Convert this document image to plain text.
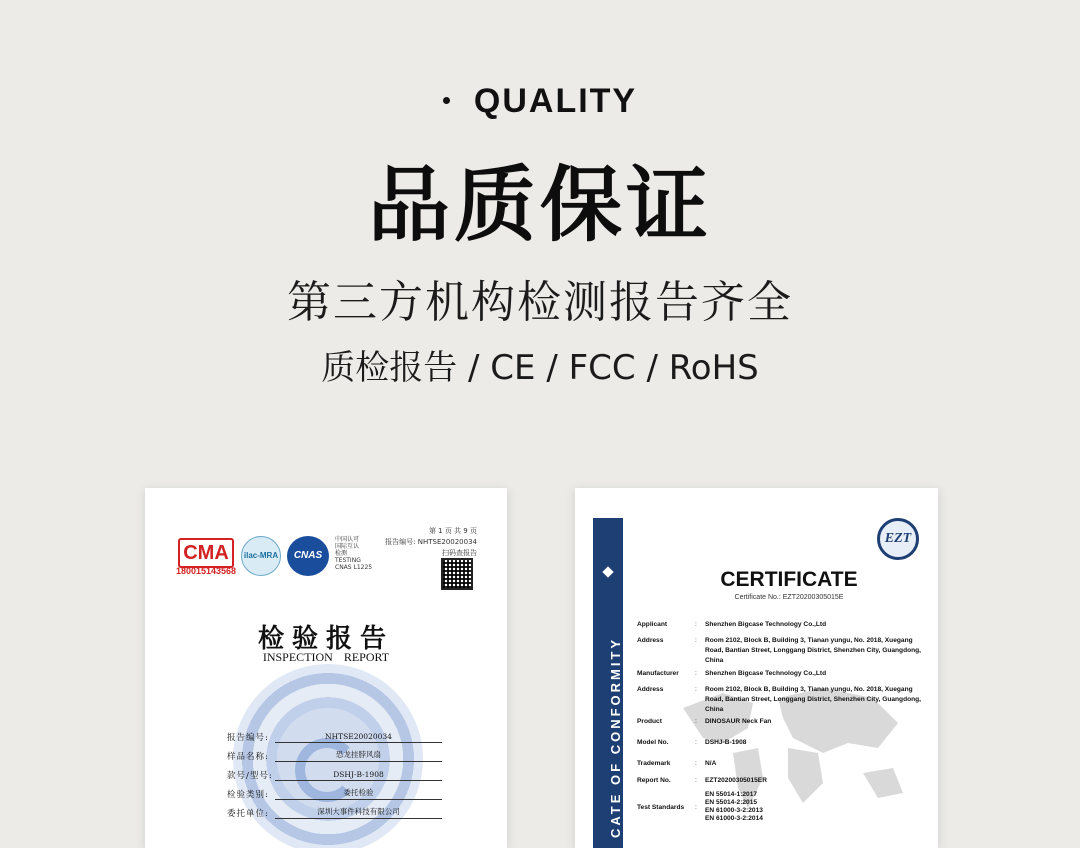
QUALITY
品质保证
第三方机构检测报告齐全
质检报告 / CE / FCC / RoHS
CMA
180015143568
ilac-MRA	CNAS
中国认可
国际互认
检测
TESTING
CNAS L1225
第 1 页 共 9 页
报告编号: NHTSE20020034
扫码查报告
检验报告
INSPECTION REPORT
报告编号:	NHTSE20020034
样品名称:	恐龙挂脖风扇
款号/型号:	DSHJ-B-1908
检验类别:	委托检验
委托单位:	深圳大事件科技有限公司	CATE OF CONFORMITY
EZT
CERTIFICATE
Certificate No.: EZT20200305015E
Applicant	:	Shenzhen Bigcase Technology Co.,Ltd
Address	:	Room 2102, Block B, Building 3, Tianan yungu, No. 2018, Xuegang Road, Bantian Street, Longgang District, Shenzhen City, Guangdong, China
Manufacturer	:	Shenzhen Bigcase Technology Co.,Ltd
Address	:	Room 2102, Block B, Building 3, Tianan yungu, No. 2018, Xuegang Road, Bantian Street, Longgang District, Shenzhen City, Guangdong, China
Product	:	DINOSAUR Neck Fan
Model No.	:	DSHJ-B-1908
Trademark	:	N/A
Report No.	:	EZT20200305015ER
Test Standards	:
EN 55014-1:2017
EN 55014-2:2015
EN 61000-3-2:2013
EN 61000-3-2:2014
